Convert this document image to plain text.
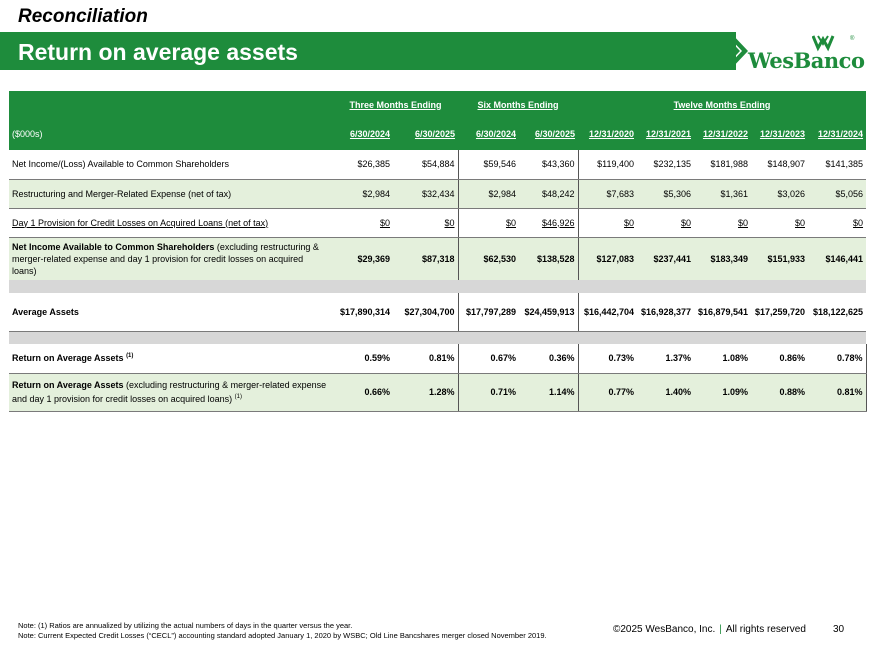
Reconciliation
Return on average assets	WesBanco
®
	Three Months Ending		Six Months Ending		Twelve Months Ending				
($000s)	6/30/2024	6/30/2025	6/30/2024	6/30/2025	12/31/2020	12/31/2021	12/31/2022	12/31/2023	12/31/2024
Net Income/(Loss) Available to Common Shareholders	$26,385	$54,884	$59,546	$43,360	$119,400	$232,135	$181,988	$148,907	$141,385
Restructuring and Merger-Related Expense (net of tax)	$2,984	$32,434	$2,984	$48,242	$7,683	$5,306	$1,361	$3,026	$5,056
Day 1 Provision for Credit Losses on Acquired Loans (net of tax)	$0	$0	$0	$46,926	$0	$0	$0	$0	$0
Net Income Available to Common Shareholders (excluding restructuring & merger-related expense and day 1 provision for credit losses on acquired loans)	$29,369	$87,318	$62,530	$138,528	$127,083	$237,441	$183,349	$151,933	$146,441

Average Assets	$17,890,314	$27,304,700	$17,797,289	$24,459,913	$16,442,704	$16,928,377	$16,879,541	$17,259,720	$18,122,625

Return on Average Assets $^{(1)}$	0.59%	0.81%	0.67%	0.36%	0.73%	1.37%	1.08%	0.86%	0.78%
Return on Average Assets (excluding restructuring & merger-related expense and day 1 provision for credit losses on acquired loans) $^{(1)}$	0.66%	1.28%	0.71%	1.14%	0.77%	1.40%	1.09%	0.88%	0.81%
Note: (1) Ratios are annualized by utilizing the actual numbers of days in the quarter versus the year.
Note: Current Expected Credit Losses (“CECL”) accounting standard adopted January 1, 2020 by WSBC; Old Line Bancshares merger closed November 2019.
©2025 WesBanco, Inc. | All rights reserved	30
